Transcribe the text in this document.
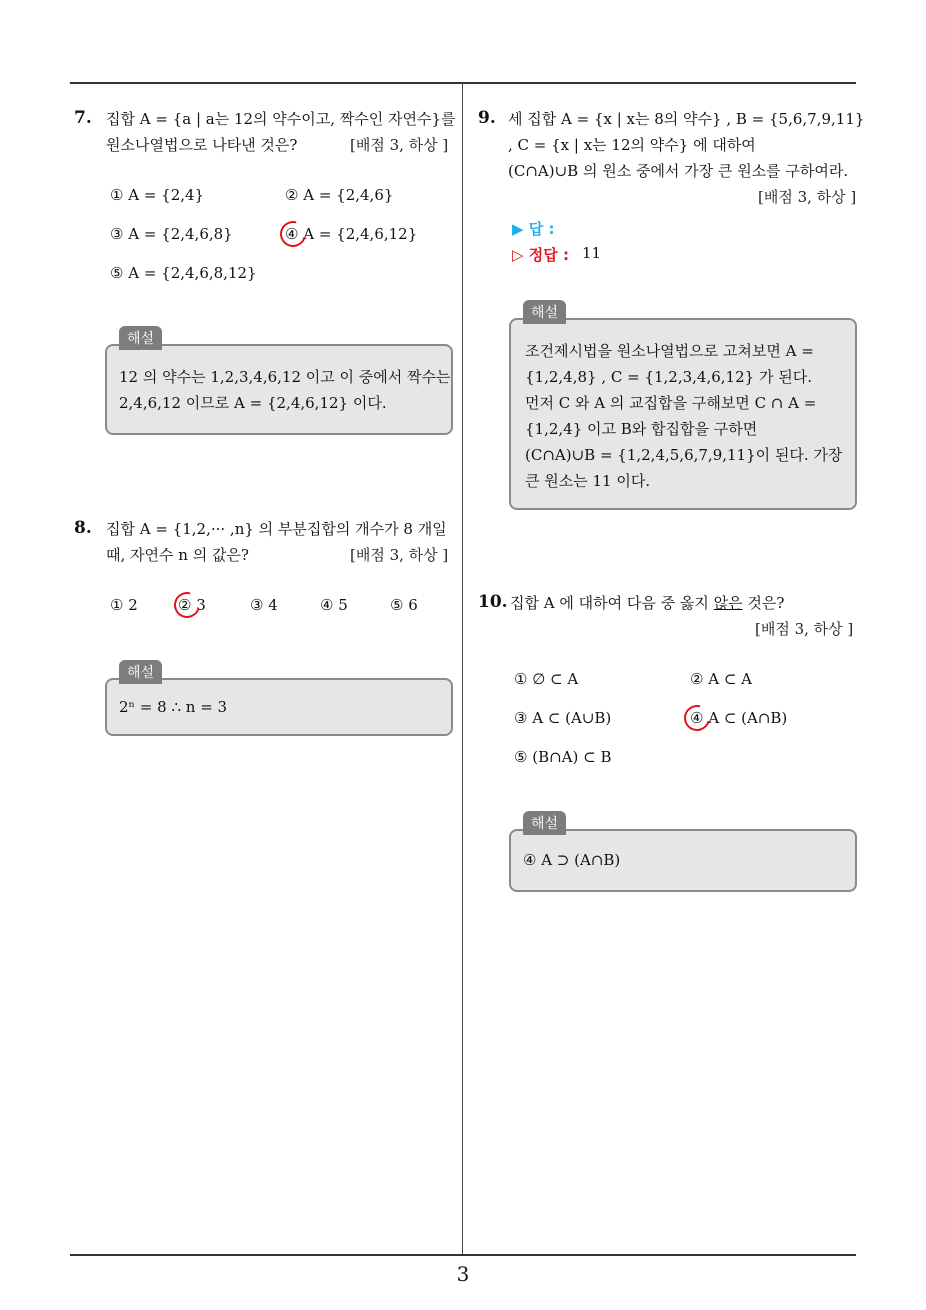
7. 집합 A = {a | a는 12의 약수이고, 짝수인 자연수}를
원소나열법으로 나타낸 것은?	[배점 3, 하상 ]
① A = {2,4}	② A = {2,4,6}
③ A = {2,4,6,8}	④ A = {2,4,6,12}
⑤ A = {2,4,6,8,12}
해설
12 의 약수는 1,2,3,4,6,12 이고 이 중에서 짝수는
2,4,6,12 이므로 A = {2,4,6,12} 이다.
8. 집합 A = {1,2,··· ,n} 의 부분집합의 개수가 8 개일
때, 자연수 n 의 값은?	[배점 3, 하상 ]
① 2	② 3	③ 4	④ 5	⑤ 6
해설
2ⁿ = 8 ∴ n = 3
9. 세 집합 A = {x | x는 8의 약수} , B = {5,6,7,9,11}
, C = {x | x는 12의 약수} 에 대하여
(C∩A)∪B 의 원소 중에서 가장 큰 원소를 구하여라.
[배점 3, 하상 ]
▶ 답 :
▷ 정답 : 11
해설
조건제시법을 원소나열법으로 고쳐보면 A =
{1,2,4,8} , C = {1,2,3,4,6,12} 가 된다.
먼저 C 와 A 의 교집합을 구해보면 C ∩ A =
{1,2,4} 이고 B와 합집합을 구하면
(C∩A)∪B = {1,2,4,5,6,7,9,11}이 된다. 가장
큰 원소는 11 이다.
10. 집합 A 에 대하여 다음 중 옳지 않은 것은?
[배점 3, 하상 ]
① ∅ ⊂ A	② A ⊂ A
③ A ⊂ (A∪B)	④ A ⊂ (A∩B)
⑤ (B∩A) ⊂ B
해설
④ A ⊃ (A∩B)
3
